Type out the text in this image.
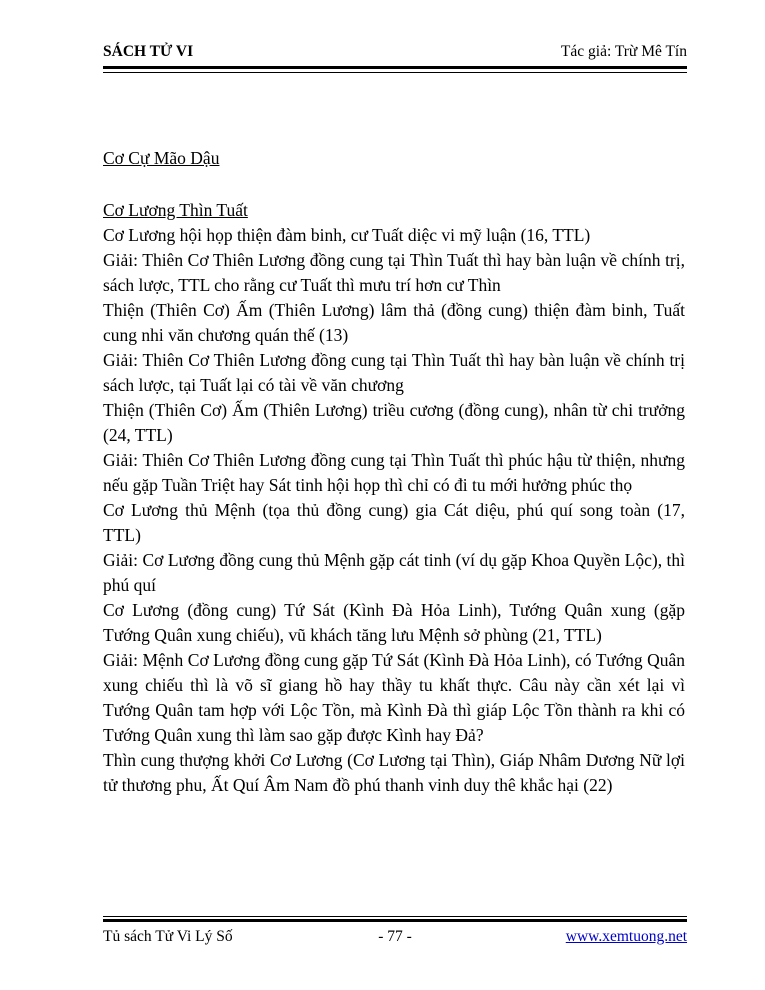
SÁCH TỬ VI	Tác giả: Trừ Mê Tín
Cơ Cự Mão Dậu
Cơ Lương Thìn Tuất

Cơ Lương hội họp thiện đàm binh, cư Tuất diệc vi mỹ luận (16, TTL)

Giải: Thiên Cơ Thiên Lương đồng cung tại Thìn Tuất thì hay bàn luận về chính trị, sách lược, TTL cho rằng cư Tuất thì mưu trí hơn cư Thìn

Thiện (Thiên Cơ) Ấm (Thiên Lương) lâm thả (đồng cung) thiện đàm binh, Tuất cung nhi văn chương quán thế (13)

Giải: Thiên Cơ Thiên Lương đồng cung tại Thìn Tuất thì hay bàn luận về chính trị sách lược, tại Tuất lại có tài về văn chương

Thiện (Thiên Cơ) Ấm (Thiên Lương) triều cương (đồng cung), nhân từ chi trưởng (24, TTL)

Giải: Thiên Cơ Thiên Lương đồng cung tại Thìn Tuất thì phúc hậu từ thiện, nhưng nếu gặp Tuần Triệt hay Sát tinh hội họp thì chỉ có đi tu mới hưởng phúc thọ

Cơ Lương thủ Mệnh (tọa thủ đồng cung) gia Cát diệu, phú quí song toàn (17, TTL)

Giải: Cơ Lương đồng cung thủ Mệnh gặp cát tinh (ví dụ gặp Khoa Quyền Lộc), thì phú quí

Cơ Lương (đồng cung) Tứ Sát (Kình Đà Hỏa Linh), Tướng Quân xung (gặp Tướng Quân xung chiếu), vũ khách tăng lưu Mệnh sở phùng (21, TTL)

Giải: Mệnh Cơ Lương đồng cung gặp Tứ Sát (Kình Đà Hỏa Linh), có Tướng Quân xung chiếu thì là võ sĩ giang hồ hay thầy tu khất thực. Câu này cần xét lại vì Tướng Quân tam hợp với Lộc Tồn, mà Kình Đà thì giáp Lộc Tồn thành ra khi có Tướng Quân xung thì làm sao gặp được Kình hay Đả?

Thìn cung thượng khởi Cơ Lương (Cơ Lương tại Thìn), Giáp Nhâm Dương Nữ lợi tử thương phu, Ất Quí Âm Nam đồ phú thanh vinh duy thê khắc hại (22)

Tủ sách Tử Vi Lý Số	- 77 -	www.xemtuong.net
